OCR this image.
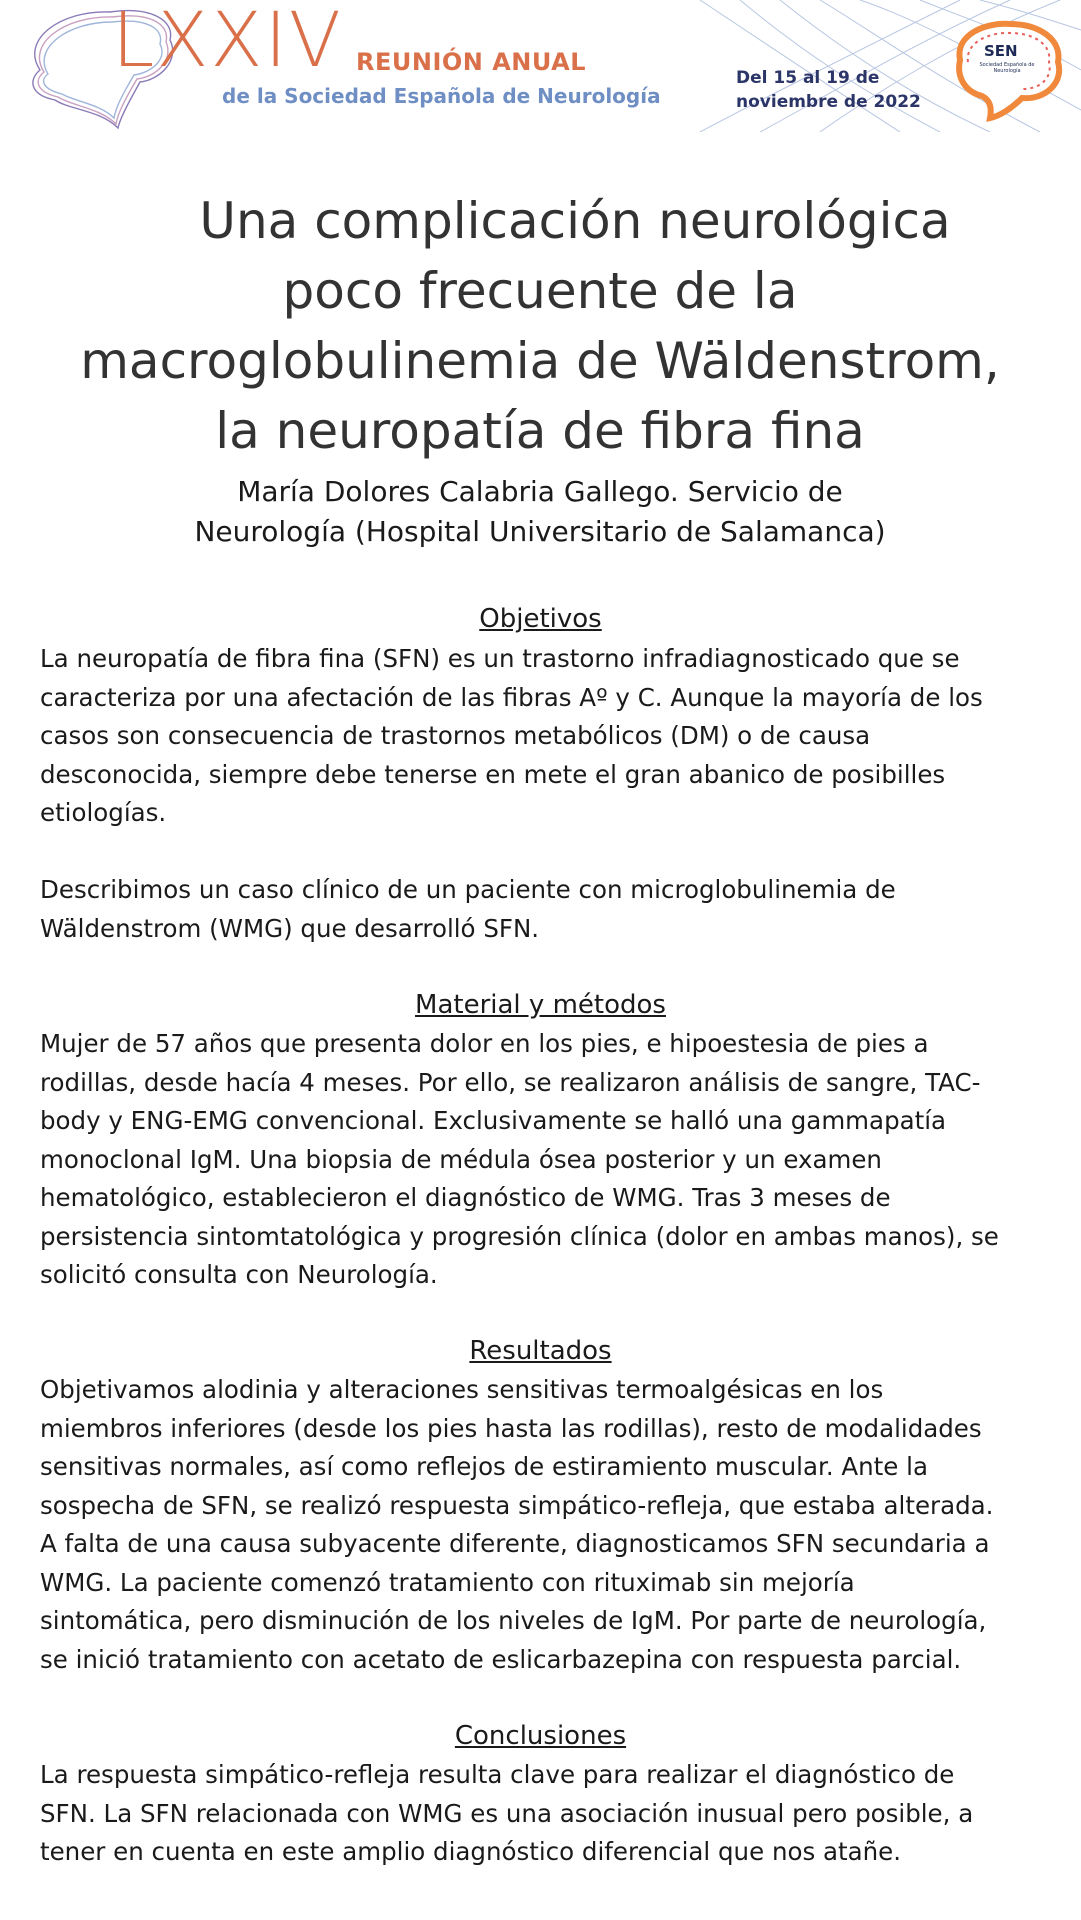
LXXIV REUNIÓN ANUAL
de la Sociedad Española de Neurología
Del 15 al 19 de
noviembre de 2022
SEN
Sociedad Española de Neurología
Una complicación neurológica
poco frecuente de la
macroglobulinemia de Wäldenstrom,
la neuropatía de fibra fina
María Dolores Calabria Gallego. Servicio de
Neurología (Hospital Universitario de Salamanca)
Objetivos
La neuropatía de fibra fina (SFN) es un trastorno infradiagnosticado que se
caracteriza por una afectación de las fibras Aº y C. Aunque la mayoría de los
casos son consecuencia de trastornos metabólicos (DM) o de causa
desconocida, siempre debe tenerse en mete el gran abanico de posibilles
etiologías.
Describimos un caso clínico de un paciente con microglobulinemia de
Wäldenstrom (WMG) que desarrolló SFN.
Material y métodos
Mujer de 57 años que presenta dolor en los pies, e hipoestesia de pies a
rodillas, desde hacía 4 meses. Por ello, se realizaron análisis de sangre, TAC-
body y ENG-EMG convencional. Exclusivamente se halló una gammapatía
monoclonal IgM. Una biopsia de médula ósea posterior y un examen
hematológico, establecieron el diagnóstico de WMG. Tras 3 meses de
persistencia sintomtatológica y progresión clínica (dolor en ambas manos), se
solicitó consulta con Neurología.
Resultados
Objetivamos alodinia y alteraciones sensitivas termoalgésicas en los
miembros inferiores (desde los pies hasta las rodillas), resto de modalidades
sensitivas normales, así como reflejos de estiramiento muscular. Ante la
sospecha de SFN, se realizó respuesta simpático-refleja, que estaba alterada.
A falta de una causa subyacente diferente, diagnosticamos SFN secundaria a
WMG. La paciente comenzó tratamiento con rituximab sin mejoría
sintomática, pero disminución de los niveles de IgM. Por parte de neurología,
se inició tratamiento con acetato de eslicarbazepina con respuesta parcial.
Conclusiones
La respuesta simpático-refleja resulta clave para realizar el diagnóstico de
SFN. La SFN relacionada con WMG es una asociación inusual pero posible, a
tener en cuenta en este amplio diagnóstico diferencial que nos atañe.
